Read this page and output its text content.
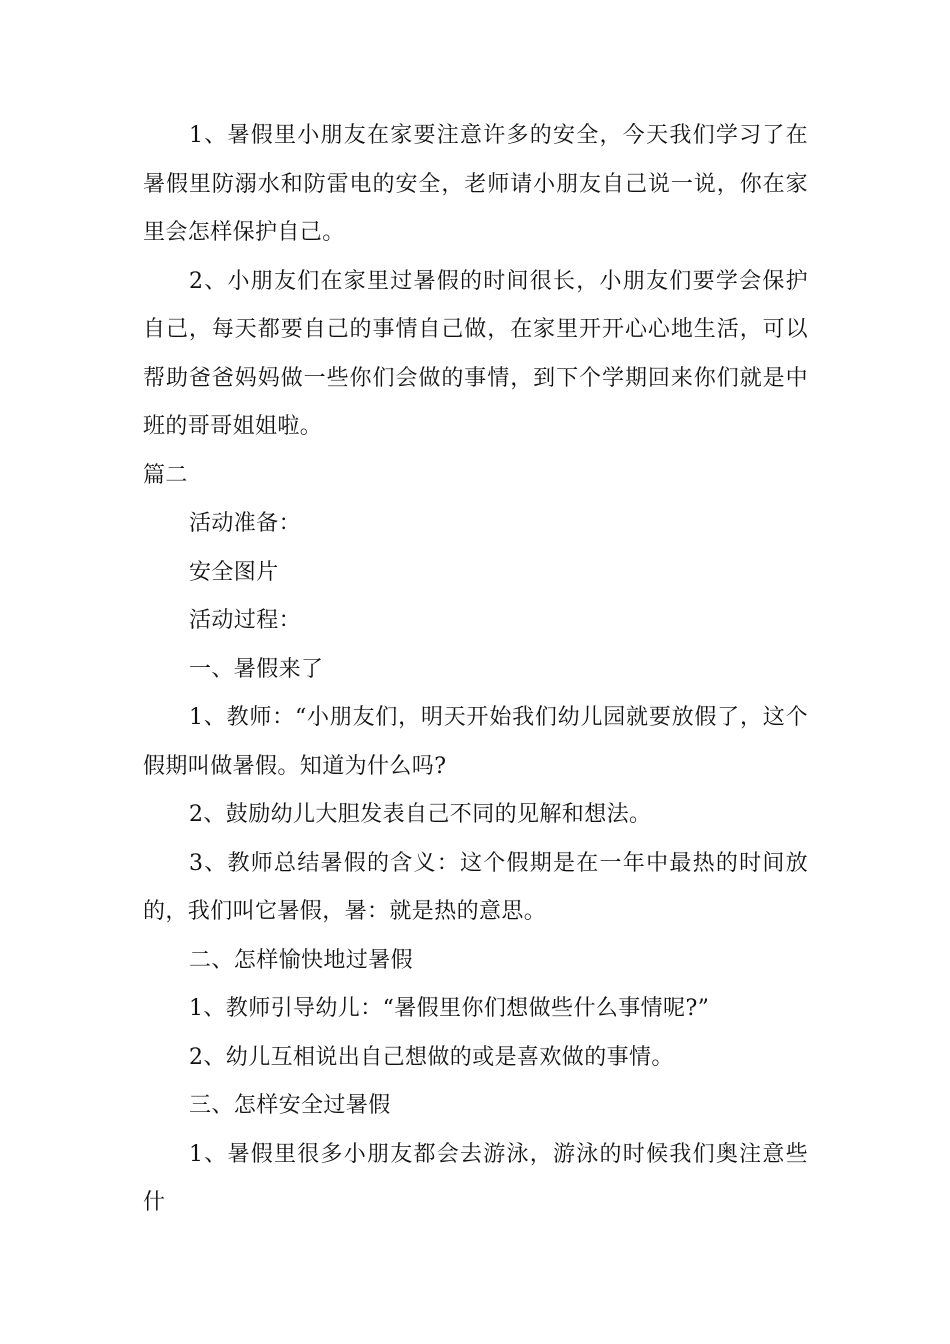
1、暑假里小朋友在家要注意许多的安全，今天我们学习了在暑假里防溺水和防雷电的安全，老师请小朋友自己说一说，你在家里会怎样保护自己。

2、小朋友们在家里过暑假的时间很长，小朋友们要学会保护自己，每天都要自己的事情自己做，在家里开开心心地生活，可以帮助爸爸妈妈做一些你们会做的事情，到下个学期回来你们就是中班的哥哥姐姐啦。

篇二

活动准备：

安全图片

活动过程：

一、暑假来了

1、教师：“小朋友们，明天开始我们幼儿园就要放假了，这个假期叫做暑假。知道为什么吗?

2、鼓励幼儿大胆发表自己不同的见解和想法。

3、教师总结暑假的含义：这个假期是在一年中最热的时间放的，我们叫它暑假，暑：就是热的意思。

二、怎样愉快地过暑假

1、教师引导幼儿：“暑假里你们想做些什么事情呢?”

2、幼儿互相说出自己想做的或是喜欢做的事情。

三、怎样安全过暑假

1、暑假里很多小朋友都会去游泳，游泳的时候我们奥注意些什
